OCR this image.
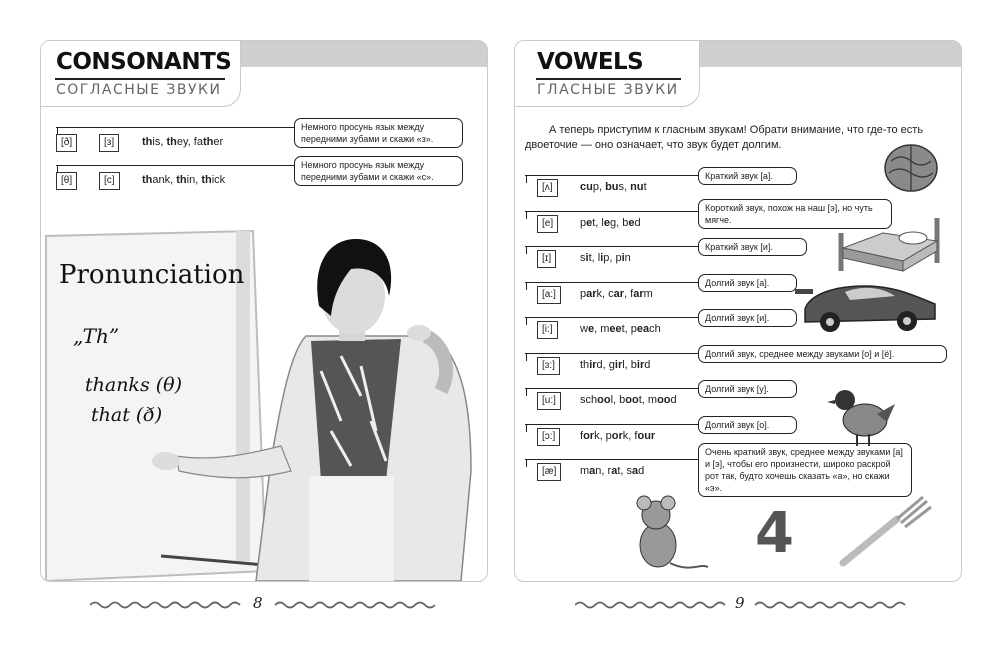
CONSONANTS
СОГЛАСНЫЕ ЗВУКИ
[ð]	[з]	this, they, father
Немного просунь язык между передними зубами и скажи «з».
[θ]	[с]	thank, thin, thick
Немного просунь язык между передними зубами и скажи «с».
Pronunciation
„Th”
thanks (θ)
that (ð)
8
VOWELS
ГЛАСНЫЕ ЗВУКИ
А теперь приступим к гласным звукам! Обрати внимание, что где-то есть двоеточие — оно означает, что звук будет долгим.
[ʌ]	cup, bus, nut
Краткий звук [а].
[e]	pet, leg, bed
Короткий звук, похож на наш [э], но чуть мягче.
[ɪ]	sit, lip, pin
Краткий звук [и].
[a:]	park, car, farm
Долгий звук [а].
[i:]	we, meet, peach
Долгий звук [и].
[ɜ:]	third, girl, bird
Долгий звук, среднее между звуками [о] и [ё].
[u:]	school, boot, mood
Долгий звук [у].
[ɔ:]	fork, pork, four
Долгий звук [о].
[æ]	man, rat, sad
Очень краткий звук, среднее между звуками [а] и [э], чтобы его произнести, широко раскрой рот так, будто хочешь сказать «а», но скажи «э».
4
9
